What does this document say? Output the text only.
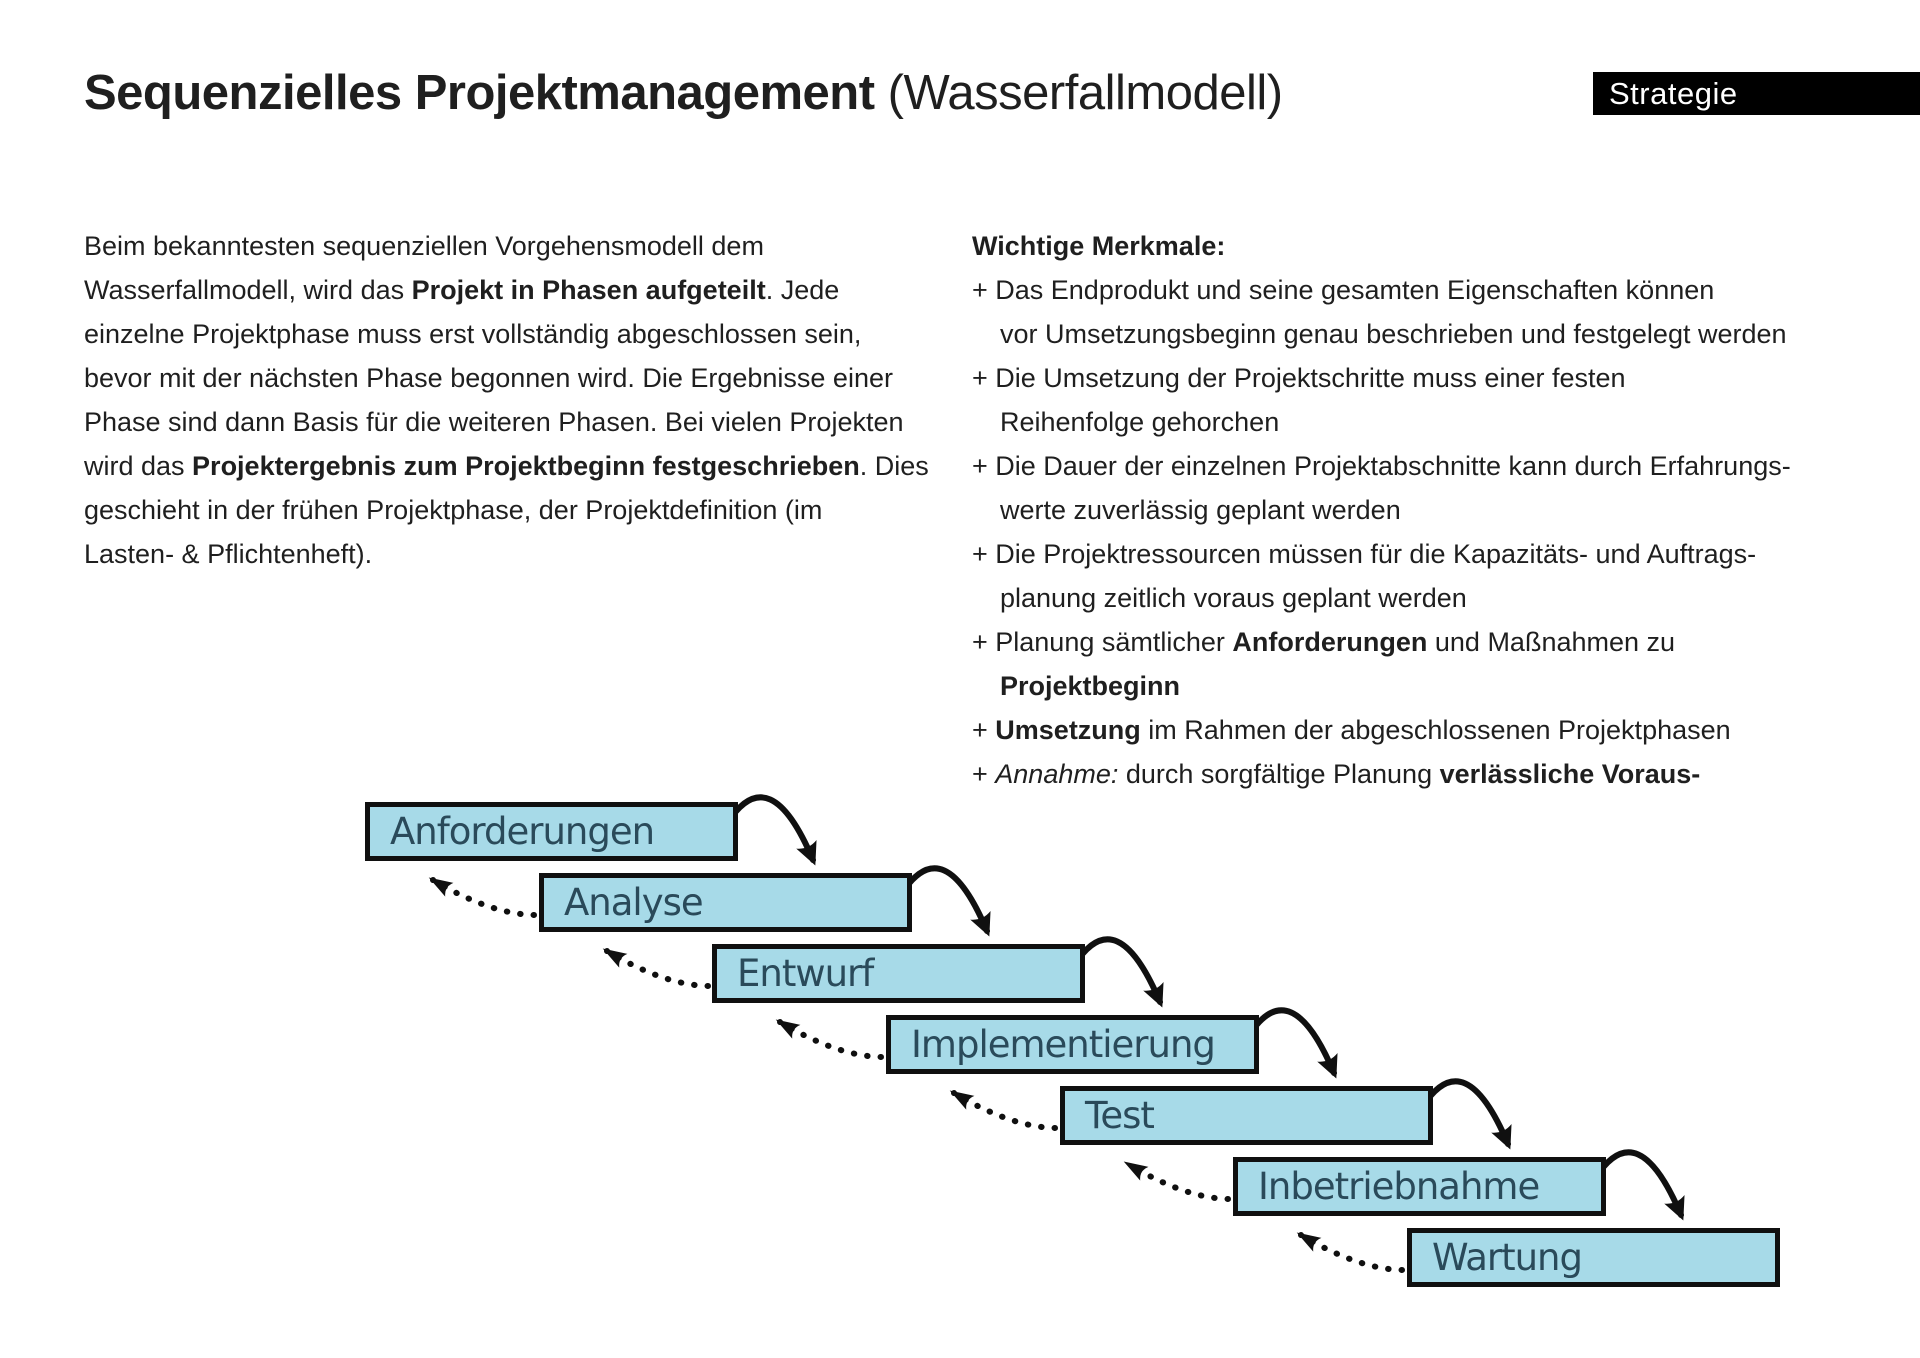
Sequenzielles Projektmanagement (Wasserfallmodell)	Strategie
Beim bekanntesten sequenziellen Vorgehensmodell dem
Wasserfallmodell, wird das Projekt in Phasen aufgeteilt. Jede
einzelne Projektphase muss erst vollständig abgeschlossen sein,
bevor mit der nächsten Phase begonnen wird. Die Ergebnisse einer
Phase sind dann Basis für die weiteren Phasen. Bei vielen Projekten
wird das Projektergebnis zum Projektbeginn festgeschrieben. Dies
geschieht in der frühen Projektphase, der Projektdefinition (im
Lasten- & Pflichtenheft).
Wichtige Merkmale:
+ Das Endprodukt und seine gesamten Eigenschaften können
vor Umsetzungsbeginn genau beschrieben und festgelegt werden
+ Die Umsetzung der Projektschritte muss einer festen
Reihenfolge gehorchen
+ Die Dauer der einzelnen Projektabschnitte kann durch Erfahrungs-
werte zuverlässig geplant werden
+ Die Projektressourcen müssen für die Kapazitäts- und Auftrags-
planung zeitlich voraus geplant werden
+ Planung sämtlicher Anforderungen und Maßnahmen zu
Projektbeginn
+ Umsetzung im Rahmen der abgeschlossenen Projektphasen
+ Annahme: durch sorgfältige Planung verlässliche Voraus-
Anforderungen
Analyse
Entwurf
Implementierung
Test
Inbetriebnahme
Wartung
